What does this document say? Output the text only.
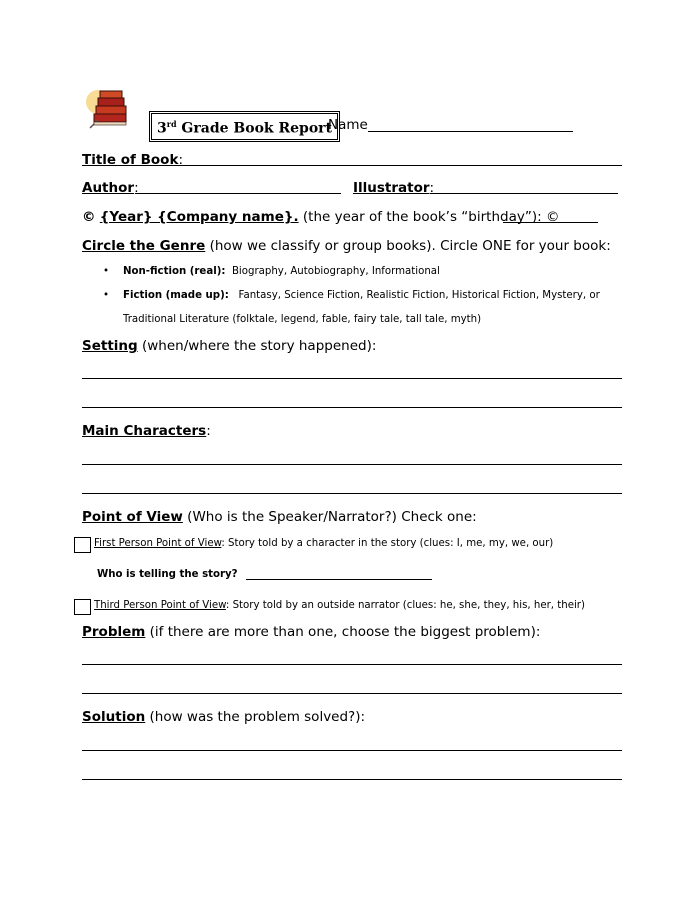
3rd Grade Book Report
Name
Title of Book:
Author:	Illustrator:
© {Year} {Company name}. (the year of the book’s “birthday”): ©
Circle the Genre (how we classify or group books). Circle ONE for your book:
• Non-fiction (real): Biography, Autobiography, Informational
• Fiction (made up): Fantasy, Science Fiction, Realistic Fiction, Historical Fiction, Mystery, or
Traditional Literature (folktale, legend, fable, fairy tale, tall tale, myth)
Setting (when/where the story happened):
Main Characters:
Point of View (Who is the Speaker/Narrator?) Check one:
First Person Point of View: Story told by a character in the story (clues: I, me, my, we, our)
Who is telling the story?
Third Person Point of View: Story told by an outside narrator (clues: he, she, they, his, her, their)
Problem (if there are more than one, choose the biggest problem):
Solution (how was the problem solved?):
